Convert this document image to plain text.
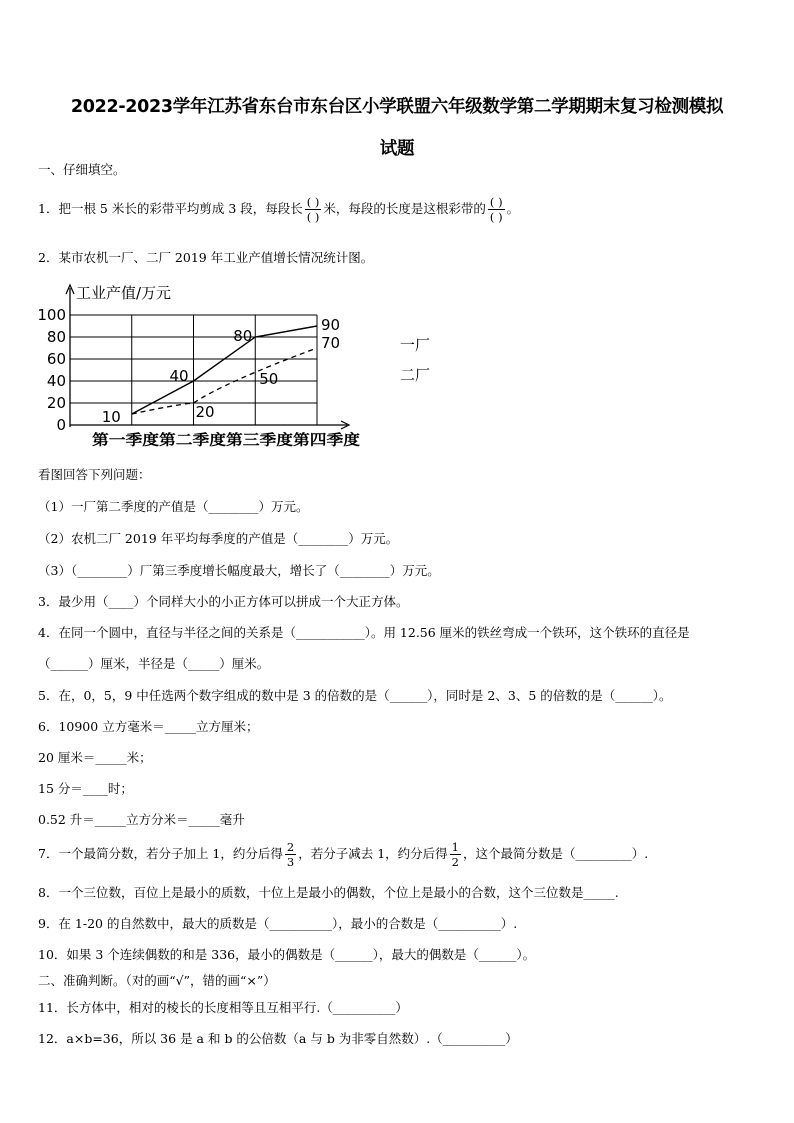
2022-2023学年江苏省东台市东台区小学联盟六年级数学第二学期期末复习检测模拟
试题
一、仔细填空。
1．把一根 5 米长的彩带平均剪成 3 段，每段长 $\frac{( )}{( )}$ 米，每段的长度是这根彩带的 $\frac{( )}{( )}$ 。
2．某市农机一厂、二厂 2019 年工业产值增长情况统计图。
工业产值/万元
0
20
40
60
80
100
第一季度第二季度第三季度第四季度
10
40
80
90
20
50
70	一厂
二厂
看图回答下列问题：
（1）一厂第二季度的产值是（________）万元。
（2）农机二厂 2019 年平均每季度的产值是（________）万元。
（3）（________）厂第三季度增长幅度最大，增长了（________）万元。
3．最少用（____）个同样大小的小正方体可以拼成一个大正方体。
4．在同一个圆中，直径与半径之间的关系是（___________）。用 12.56 厘米的铁丝弯成一个铁环，这个铁环的直径是
（______）厘米，半径是（_____）厘米。
5．在，0，5，9 中任选两个数字组成的数中是 3 的倍数的是（______），同时是 2、3、5 的倍数的是（______）。
6．10900 立方毫米＝_____立方厘米；
20 厘米＝_____米；
15 分＝____时；
0.52 升＝_____立方分米＝_____毫升
7．一个最简分数，若分子加上 1，约分后得 $\frac{2}{3}$ ，若分子减去 1，约分后得 $\frac{1}{2}$ ，这个最简分数是（_________）.
8．一个三位数，百位上是最小的质数，十位上是最小的偶数，个位上是最小的合数，这个三位数是_____.
9．在 1-20 的自然数中，最大的质数是（__________），最小的合数是（__________）.
10．如果 3 个连续偶数的和是 336，最小的偶数是（______），最大的偶数是（______）。
二、准确判断。（对的画“√”，错的画“×”）
11．长方体中，相对的棱长的长度相等且互相平行.（__________）
12．a×b=36，所以 36 是 a 和 b 的公倍数（a 与 b 为非零自然数）.（__________）
